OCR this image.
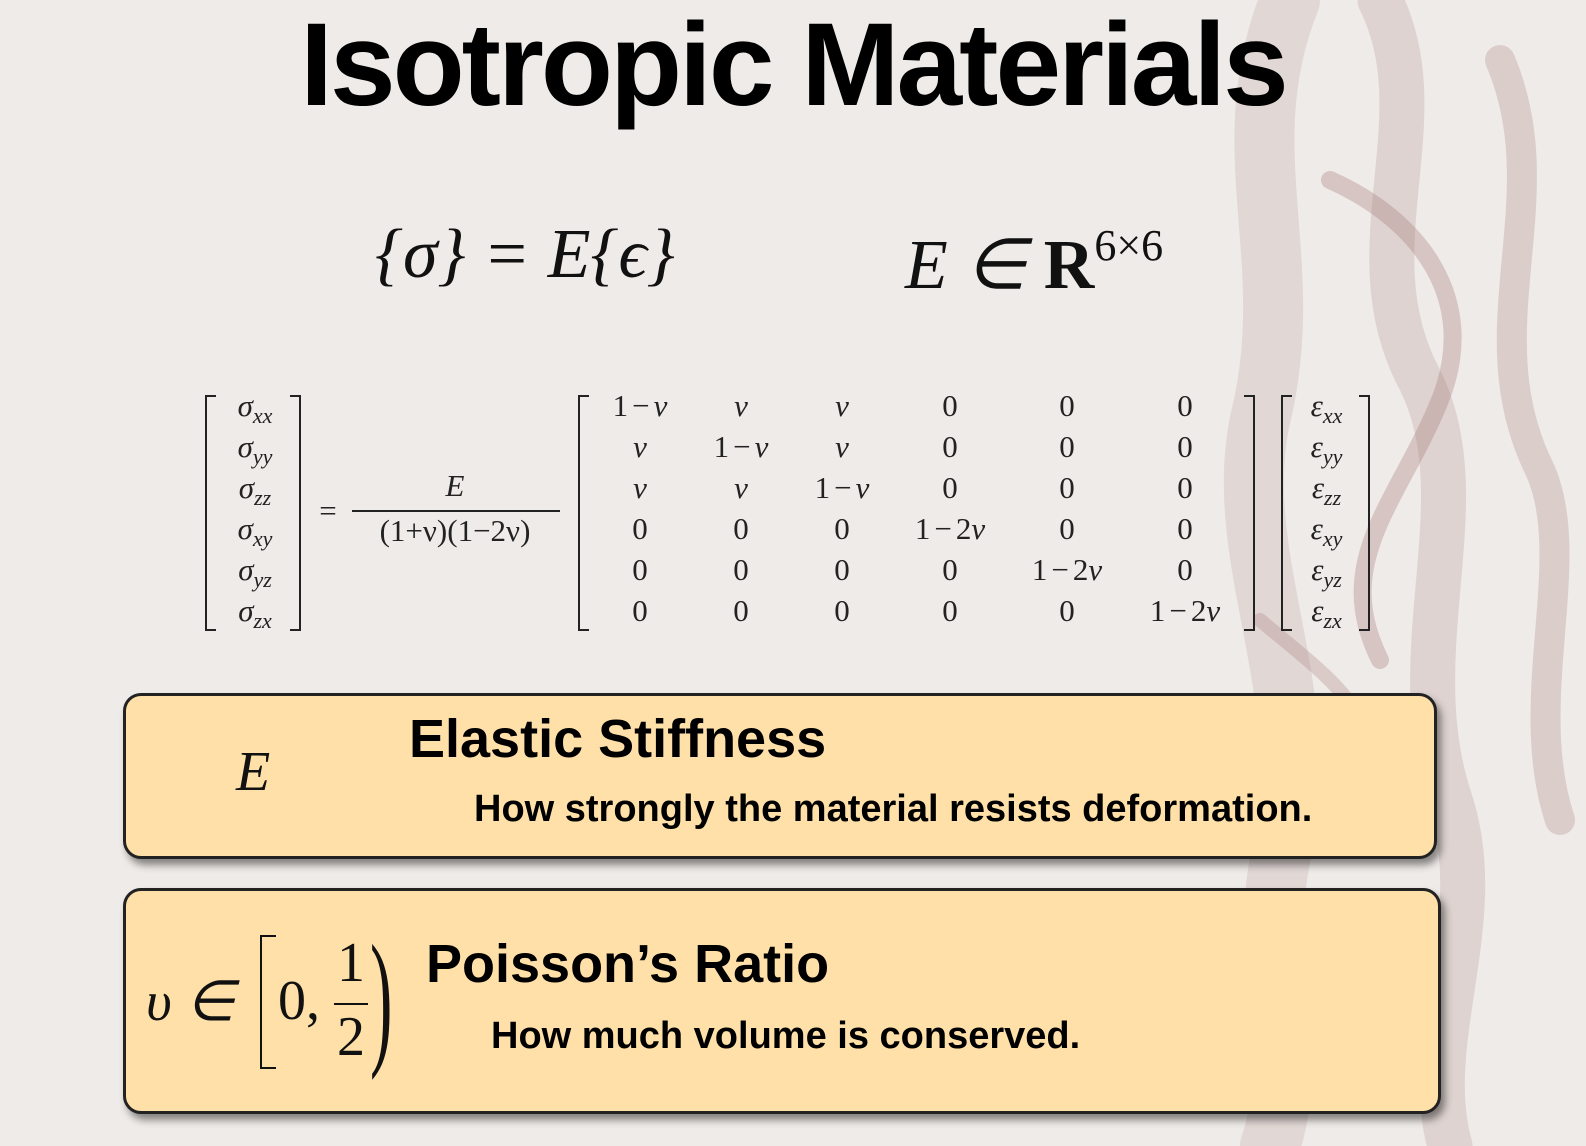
Isotropic Materials
{σ} = E{ϵ}	E ∈ $R^{6\times 6}$
$\sigma_{xx}$
$\sigma_{yy}$
$\sigma_{zz}$
$\sigma_{xy}$
$\sigma_{yz}$
$\sigma_{zx}$
=
E
(1+ν)(1−2ν)
1 − ν	ν	ν	0	0	0
ν	1 − ν	ν	0	0	0
ν	ν	1 − ν	0	0	0
0	0	0	1 − 2ν	0	0
0	0	0	0	1 − 2ν	0
0	0	0	0	0	1 − 2ν
$\varepsilon_{xx}$
$\varepsilon_{yy}$
$\varepsilon_{zz}$
$\varepsilon_{xy}$
$\varepsilon_{yz}$
$\varepsilon_{zx}$
E
Elastic Stiffness
How strongly the material resists deformation.
υ ∈ 0,
1
2 ) Poisson’s Ratio
How much volume is conserved.
